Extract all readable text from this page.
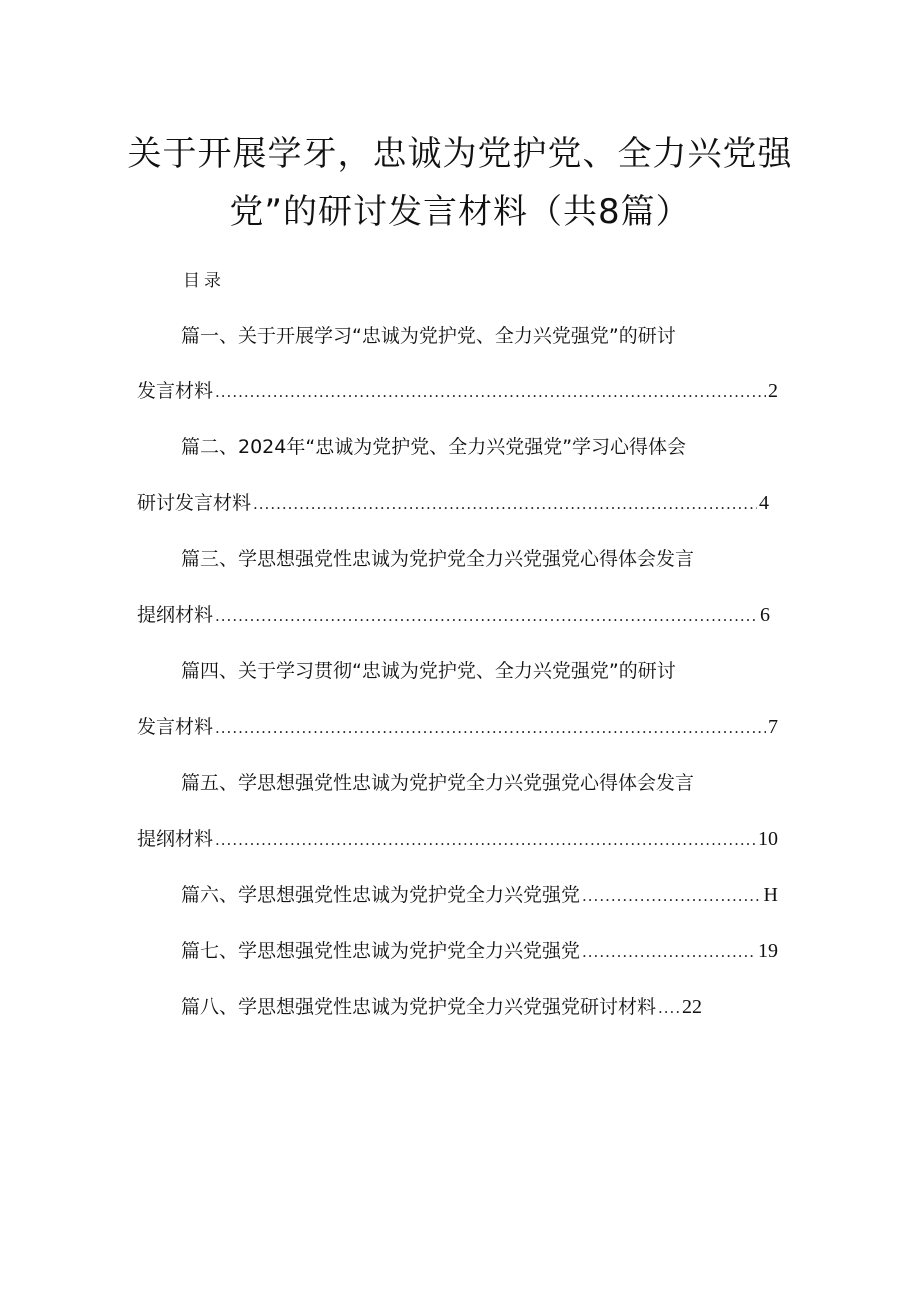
关于开展学牙，忠诚为党护党、全力兴党强
党”的研讨发言材料（共8篇）
目录
篇一、关于开展学习“忠诚为党护党、全力兴党强党”的研讨
发言材料 .....	2
篇二、2024年“忠诚为党护党、全力兴党强党”学习心得体会
研讨发言材料 .....	4
篇三、学思想强党性忠诚为党护党全力兴党强党心得体会发言
提纲材料 .....	6
篇四、关于学习贯彻“忠诚为党护党、全力兴党强党”的研讨
发言材料 .....	7
篇五、学思想强党性忠诚为党护党全力兴党强党心得体会发言
提纲材料 .....	10
篇六、学思想强党性忠诚为党护党全力兴党强党 .....	H
篇七、学思想强党性忠诚为党护党全力兴党强党 .....	19
篇八、学思想强党性忠诚为党护党全力兴党强党研讨材料 ..... 22
